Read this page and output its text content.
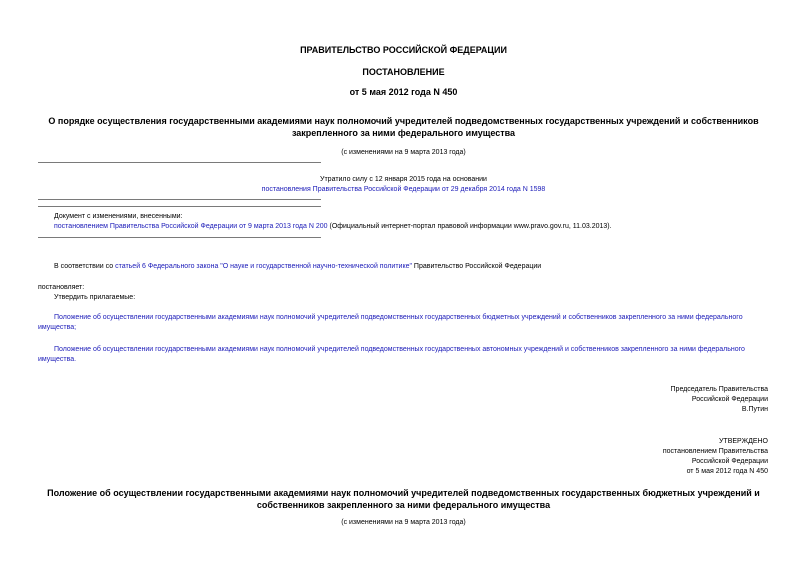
ПРАВИТЕЛЬСТВО РОССИЙСКОЙ ФЕДЕРАЦИИ
ПОСТАНОВЛЕНИЕ
от 5 мая 2012 года N 450
О порядке осуществления государственными академиями наук полномочий учредителей подведомственных государственных учреждений и собственников закрепленного за ними федерального имущества
(с изменениями на 9 марта 2013 года)
Утратило силу с 12 января 2015 года на основании
постановления Правительства Российской Федерации от 29 декабря 2014 года N 1598
Документ с изменениями, внесенными:
постановлением Правительства Российской Федерации от 9 марта 2013 года N 200 (Официальный интернет-портал правовой информации www.pravo.gov.ru, 11.03.2013).
В соответствии со статьей 6 Федерального закона "О науке и государственной научно-технической политике" Правительство Российской Федерации
постановляет:
Утвердить прилагаемые:
Положение об осуществлении государственными академиями наук полномочий учредителей подведомственных государственных бюджетных учреждений и собственников закрепленного за ними федерального имущества;
Положение об осуществлении государственными академиями наук полномочий учредителей подведомственных государственных автономных учреждений и собственников закрепленного за ними федерального имущества.
Председатель Правительства
Российской Федерации
В.Путин
УТВЕРЖДЕНО
постановлением Правительства
Российской Федерации
от 5 мая 2012 года N 450
Положение об осуществлении государственными академиями наук полномочий учредителей подведомственных государственных бюджетных учреждений и собственников закрепленного за ними федерального имущества
(с изменениями на 9 марта 2013 года)
